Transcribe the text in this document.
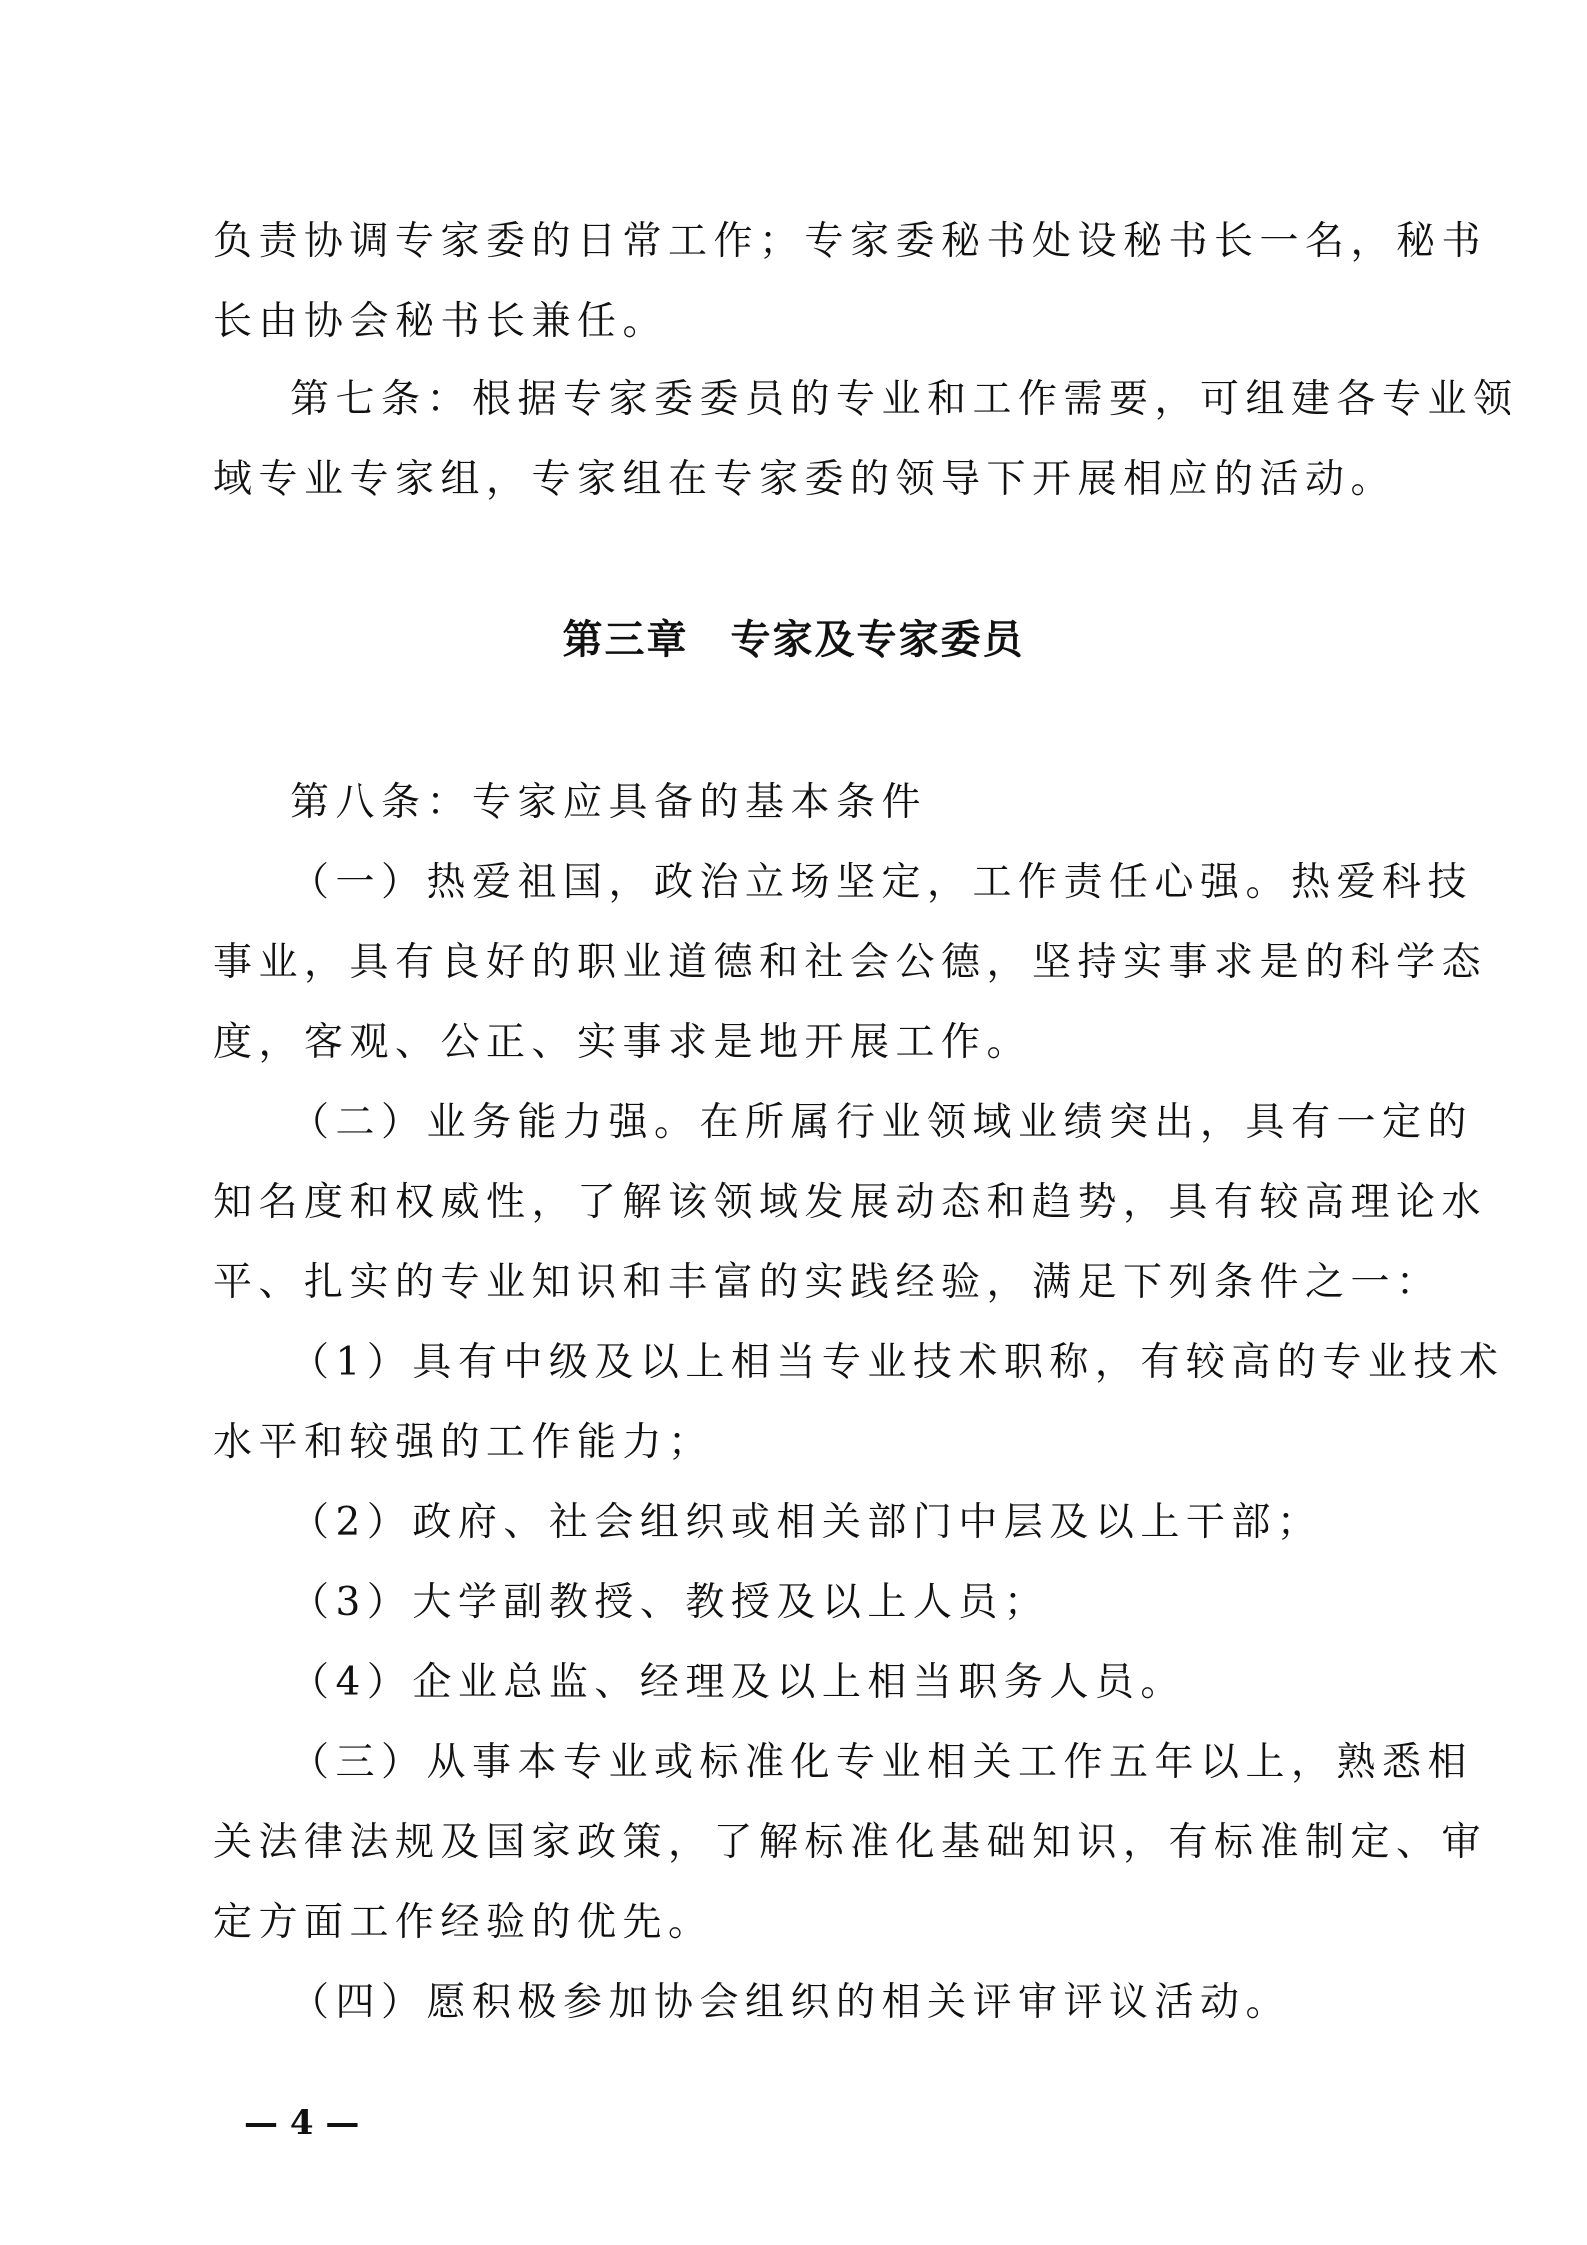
负责协调专家委的日常工作；专家委秘书处设秘书长一名，秘书
长由协会秘书长兼任。
第七条：根据专家委委员的专业和工作需要，可组建各专业领
域专业专家组，专家组在专家委的领导下开展相应的活动。
第三章　专家及专家委员
第八条：专家应具备的基本条件
（一）热爱祖国，政治立场坚定，工作责任心强。热爱科技
事业，具有良好的职业道德和社会公德，坚持实事求是的科学态
度，客观、公正、实事求是地开展工作。
（二）业务能力强。在所属行业领域业绩突出，具有一定的
知名度和权威性，了解该领域发展动态和趋势，具有较高理论水
平、扎实的专业知识和丰富的实践经验，满足下列条件之一：
（1）具有中级及以上相当专业技术职称，有较高的专业技术
水平和较强的工作能力；
（2）政府、社会组织或相关部门中层及以上干部；
（3）大学副教授、教授及以上人员；
（4）企业总监、经理及以上相当职务人员。
（三）从事本专业或标准化专业相关工作五年以上，熟悉相
关法律法规及国家政策，了解标准化基础知识，有标准制定、审
定方面工作经验的优先。
（四）愿积极参加协会组织的相关评审评议活动。
— 4 —
